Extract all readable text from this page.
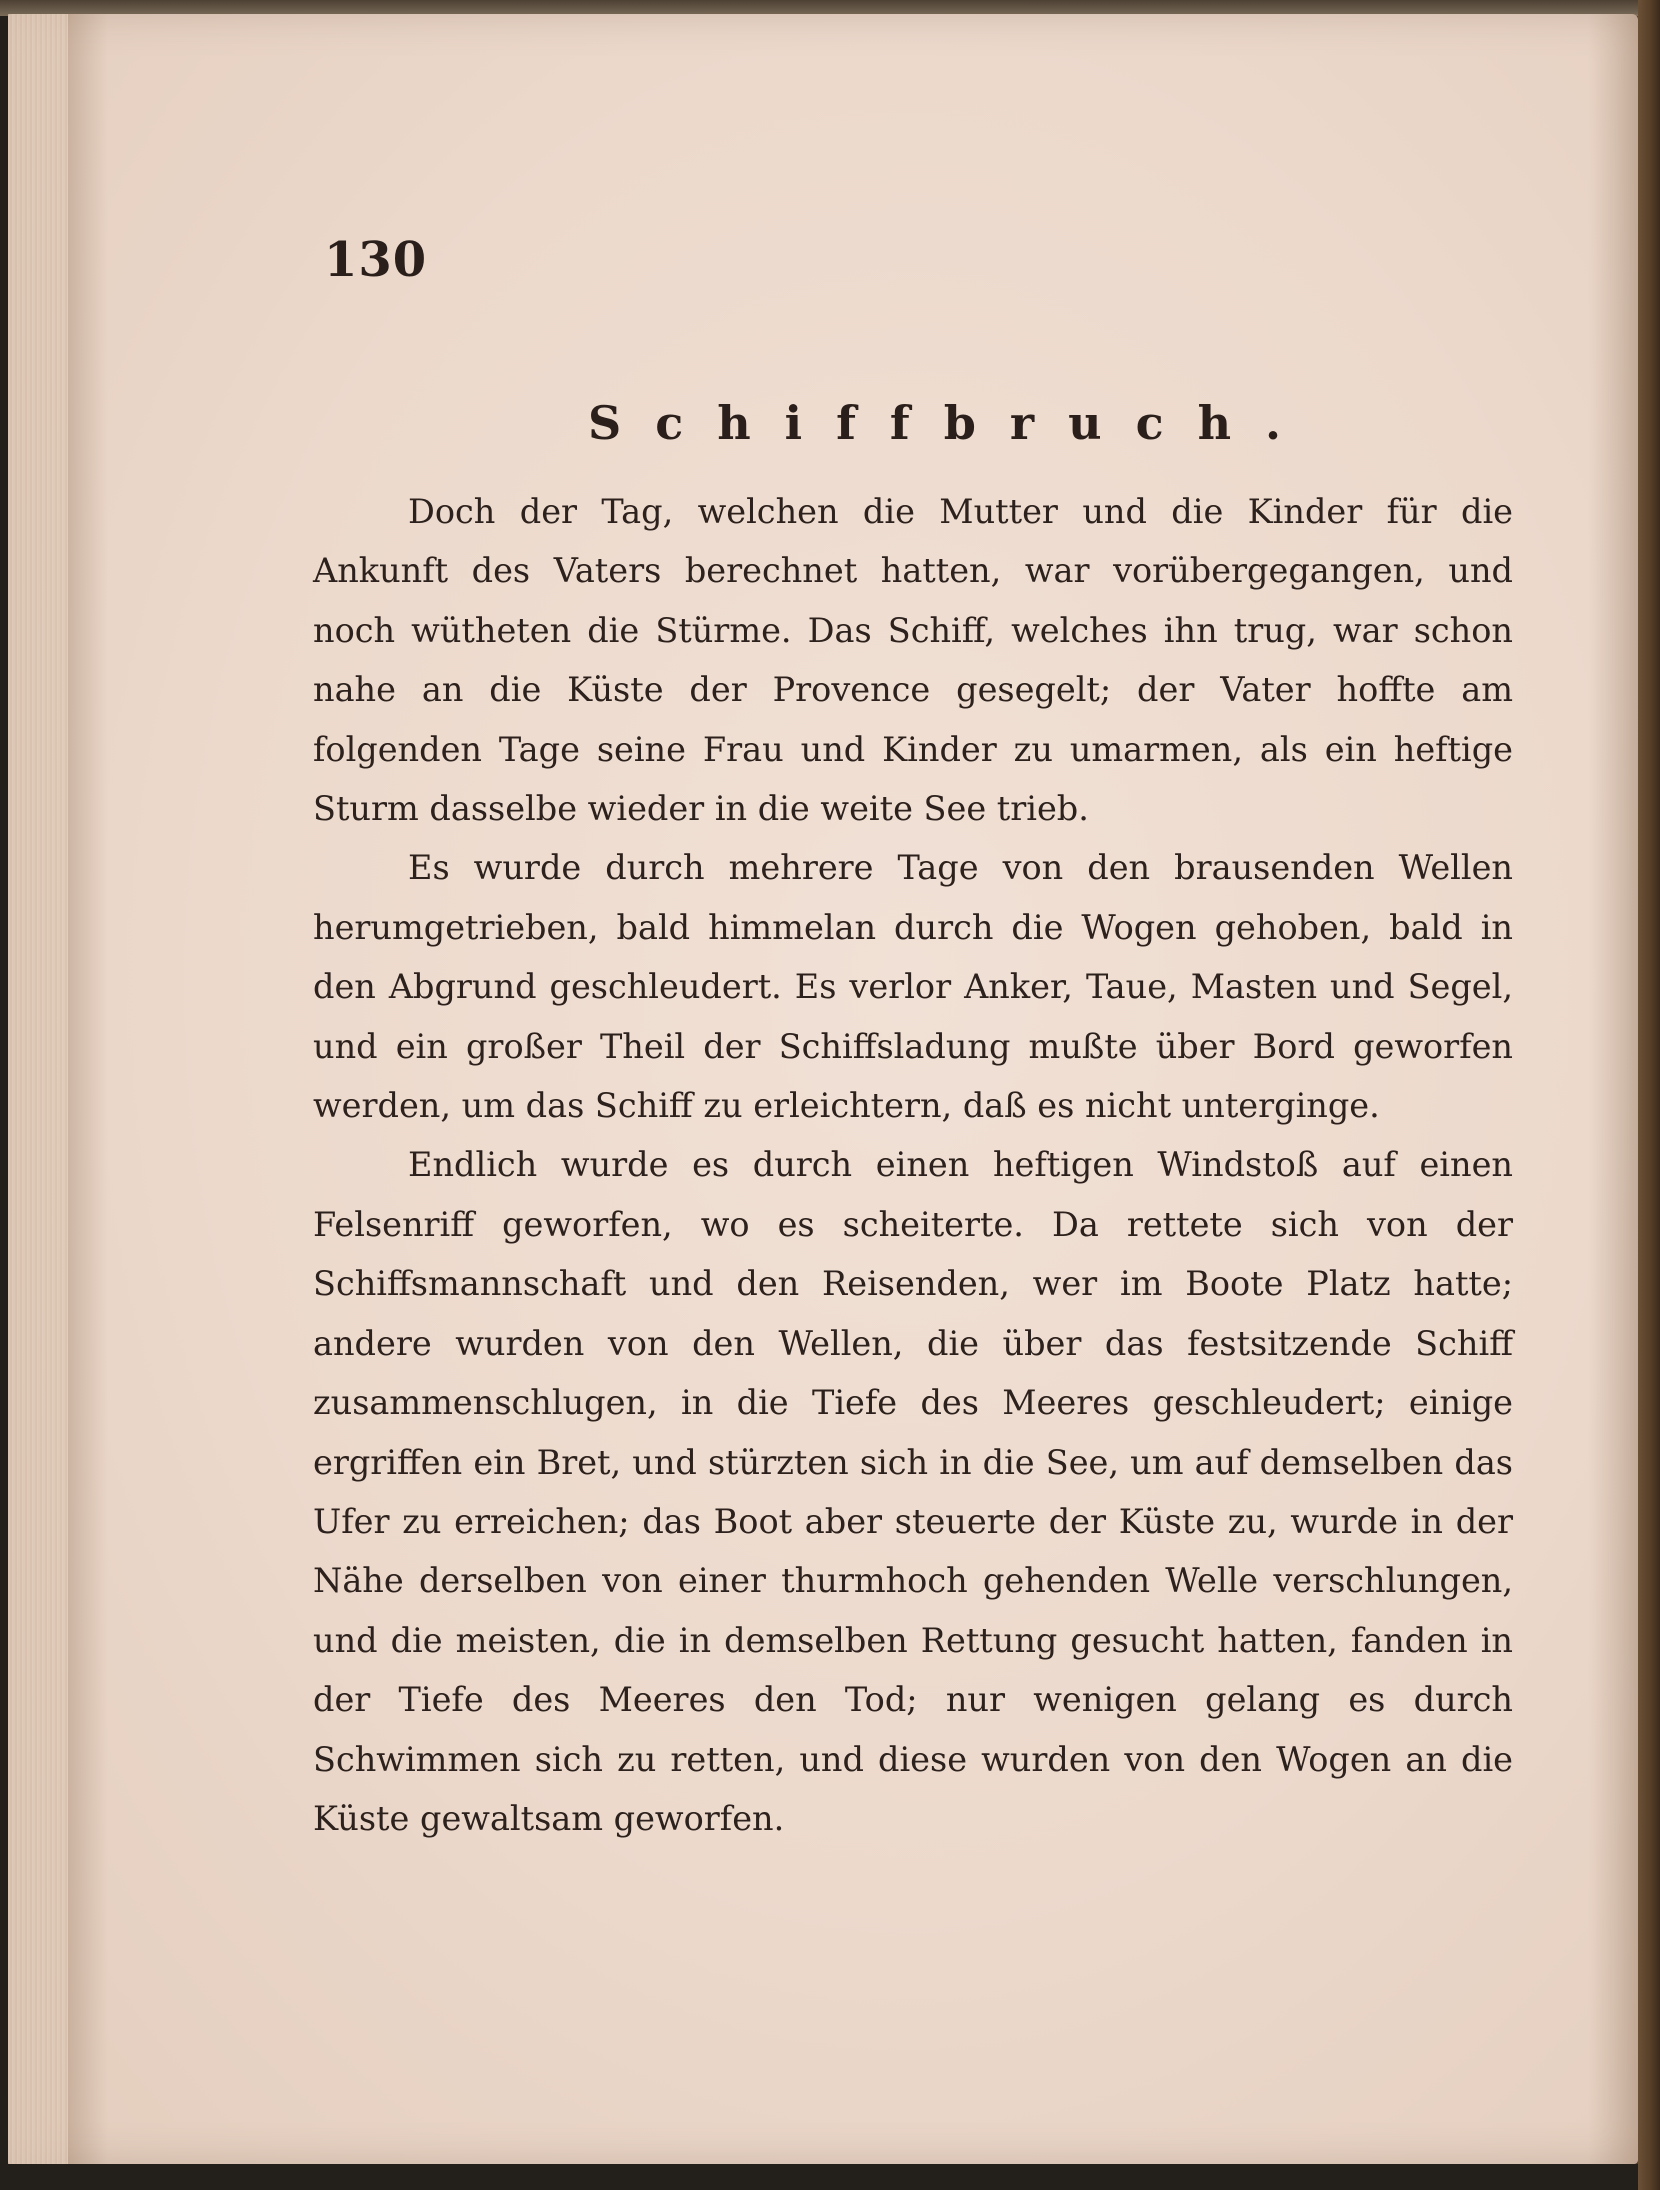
130
Schiffbruch.

Doch der Tag, welchen die Mutter und die Kinder für die Ankunft des Vaters berechnet hatten, war vorübergegangen, und noch wütheten die Stürme. Das Schiff, welches ihn trug, war schon nahe an die Küste der Provence gesegelt; der Vater hoffte am folgenden Tage seine Frau und Kinder zu umarmen, als ein heftige Sturm dasselbe wieder in die weite See trieb.

Es wurde durch mehrere Tage von den brausenden Wellen herumgetrieben, bald himmelan durch die Wogen gehoben, bald in den Abgrund geschleudert. Es verlor Anker, Taue, Masten und Segel, und ein großer Theil der Schiffsladung mußte über Bord geworfen werden, um das Schiff zu erleichtern, daß es nicht unterginge.

Endlich wurde es durch einen heftigen Windstoß auf einen Felsenriff geworfen, wo es scheiterte. Da rettete sich von der Schiffsmannschaft und den Reisenden, wer im Boote Platz hatte; andere wurden von den Wellen, die über das festsitzende Schiff zusammenschlugen, in die Tiefe des Meeres geschleudert; einige ergriffen ein Bret, und stürzten sich in die See, um auf demselben das Ufer zu erreichen; das Boot aber steuerte der Küste zu, wurde in der Nähe derselben von einer thurmhoch gehenden Welle verschlungen, und die meisten, die in demselben Rettung gesucht hatten, fanden in der Tiefe des Meeres den Tod; nur wenigen gelang es durch Schwimmen sich zu retten, und diese wurden von den Wogen an die Küste gewaltsam geworfen.
